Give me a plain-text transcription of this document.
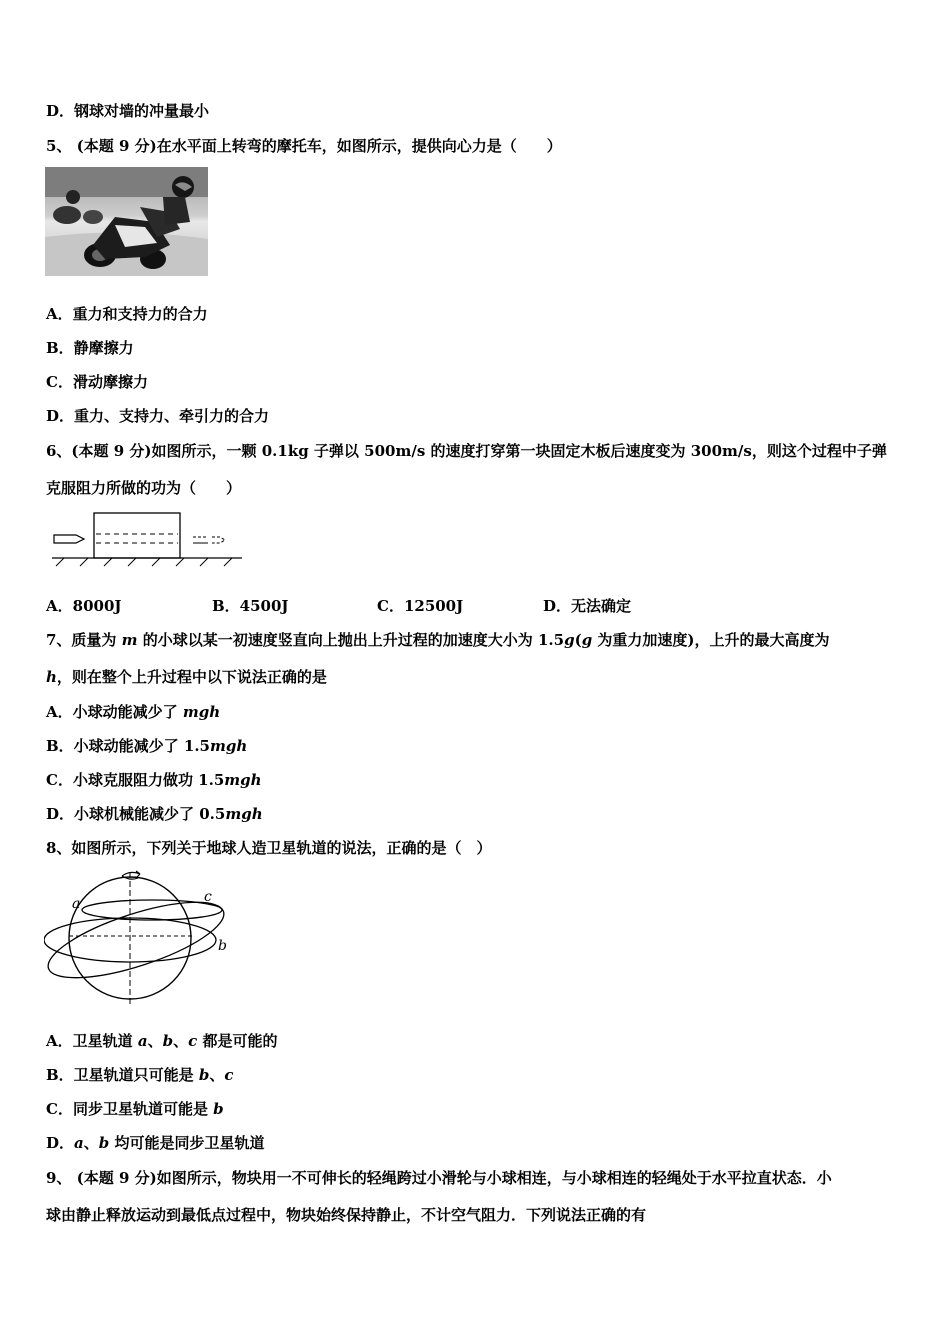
D．钢球对墙的冲量最小
5、 (本题 9 分)在水平面上转弯的摩托车，如图所示，提供向心力是（　　）
A．重力和支持力的合力
B．静摩擦力
C．滑动摩擦力
D．重力、支持力、牵引力的合力
6、(本题 9 分)如图所示，一颗 0.1kg 子弹以 500m/s 的速度打穿第一块固定木板后速度变为 300m/s，则这个过程中子弹
克服阻力所做的功为（　　）
A．8000J	B．4500J	C．12500J	D．无法确定
7、质量为 m 的小球以某一初速度竖直向上抛出上升过程的加速度大小为 1.5g(g 为重力加速度)，上升的最大高度为
h，则在整个上升过程中以下说法正确的是
A．小球动能减少了 mgh
B．小球动能减少了 1.5mgh
C．小球克服阻力做功 1.5mgh
D．小球机械能减少了 0.5mgh
8、如图所示，下列关于地球人造卫星轨道的说法，正确的是（　）
a
b
c
A．卫星轨道 a、b、c 都是可能的
B．卫星轨道只可能是 b、c
C．同步卫星轨道可能是 b
D．a、b 均可能是同步卫星轨道
9、 (本题 9 分)如图所示，物块用一不可伸长的轻绳跨过小滑轮与小球相连，与小球相连的轻绳处于水平拉直状态．小
球由静止释放运动到最低点过程中，物块始终保持静止，不计空气阻力．下列说法正确的有
